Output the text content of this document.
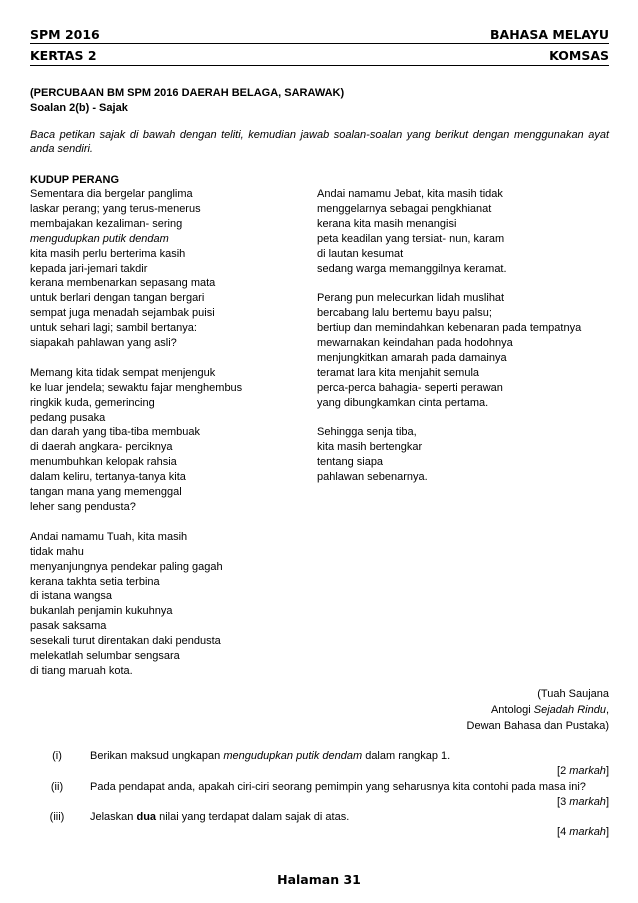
SPM 2016	BAHASA MELAYU
KERTAS 2	KOMSAS
(PERCUBAAN BM SPM 2016 DAERAH BELAGA, SARAWAK)
Soalan 2(b) - Sajak
Baca petikan sajak di bawah dengan teliti, kemudian jawab soalan-soalan yang berikut dengan menggunakan ayat anda sendiri.
KUDUP PERANG
Sementara dia bergelar panglima
laskar perang; yang terus-menerus
membajakan kezaliman- sering
mengudupkan putik dendam
kita masih perlu berterima kasih
kepada jari-jemari takdir
kerana membenarkan sepasang mata
untuk berlari dengan tangan bergari
sempat juga menadah sejambak puisi
untuk sehari lagi; sambil bertanya:
siapakah pahlawan yang asli?
Memang kita tidak sempat menjenguk
ke luar jendela; sewaktu fajar menghembus
ringkik kuda, gemerincing
pedang pusaka
dan darah yang tiba-tiba membuak
di daerah angkara- perciknya
menumbuhkan kelopak rahsia
dalam keliru, tertanya-tanya kita
tangan mana yang memenggal
leher sang pendusta?
Andai namamu Tuah, kita masih
tidak mahu
menyanjungnya pendekar paling gagah
kerana takhta setia terbina
di istana wangsa
bukanlah penjamin kukuhnya
pasak saksama
sesekali turut direntakan daki pendusta
melekatlah selumbar sengsara
di tiang maruah kota.
Andai namamu Jebat, kita masih tidak
menggelarnya sebagai pengkhianat
kerana kita masih menangisi
peta keadilan yang tersiat- nun, karam
di lautan kesumat
sedang warga memanggilnya keramat.
Perang pun melecurkan lidah muslihat
bercabang lalu bertemu bayu palsu;
bertiup dan memindahkan kebenaran pada tempatnya
mewarnakan keindahan pada hodohnya
menjungkitkan amarah pada damainya
teramat lara kita menjahit semula
perca-perca bahagia- seperti perawan
yang dibungkamkan cinta pertama.
Sehingga senja tiba,
kita masih bertengkar
tentang siapa
pahlawan sebenarnya.
(Tuah Saujana
Antologi Sejadah Rindu,
Dewan Bahasa dan Pustaka)
(i)	Berikan maksud ungkapan mengudupkan putik dendam dalam rangkap 1.
[2 markah]
(ii)	Pada pendapat anda, apakah ciri-ciri seorang pemimpin yang seharusnya kita contohi pada masa ini?
[3 markah]
(iii)	Jelaskan dua nilai yang terdapat dalam sajak di atas.
[4 markah]
Halaman 31
